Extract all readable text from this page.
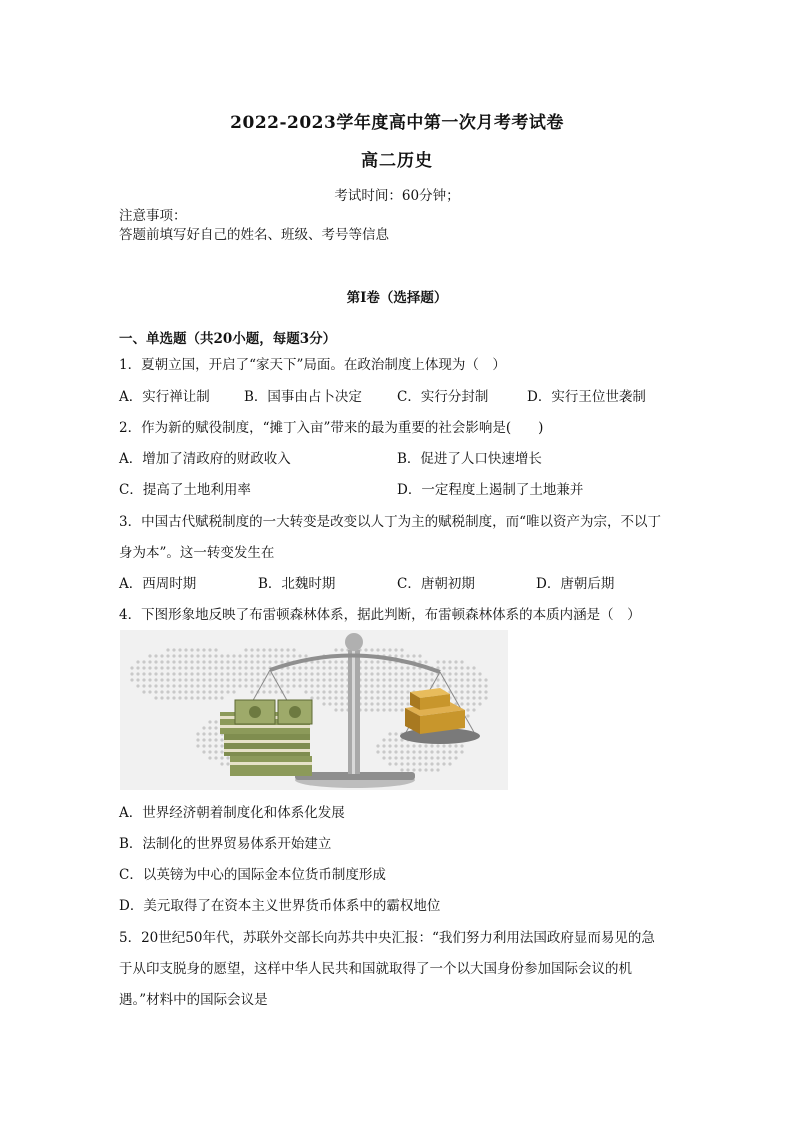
2022-2023学年度高中第一次月考考试卷
高二历史
考试时间：60分钟；
注意事项：
答题前填写好自己的姓名、班级、考号等信息
第I卷（选择题）
一、单选题（共20小题，每题3分）
1．夏朝立国，开启了“家天下”局面。在政治制度上体现为（　）
A．实行禅让制	B．国事由占卜决定	C．实行分封制	D．实行王位世袭制
2．作为新的赋役制度，“摊丁入亩”带来的最为重要的社会影响是(　　)
A．增加了清政府的财政收入	B．促进了人口快速增长
C．提高了土地利用率	D．一定程度上遏制了土地兼并
3．中国古代赋税制度的一大转变是改变以人丁为主的赋税制度，而“唯以资产为宗，不以丁
身为本”。这一转变发生在
A．西周时期	B．北魏时期	C．唐朝初期	D．唐朝后期
4．下图形象地反映了布雷顿森林体系，据此判断，布雷顿森林体系的本质内涵是（　）
A．世界经济朝着制度化和体系化发展
B．法制化的世界贸易体系开始建立
C．以英镑为中心的国际金本位货币制度形成
D．美元取得了在资本主义世界货币体系中的霸权地位
5．20世纪50年代，苏联外交部长向苏共中央汇报：“我们努力利用法国政府显而易见的急
于从印支脱身的愿望，这样中华人民共和国就取得了一个以大国身份参加国际会议的机
遇。”材料中的国际会议是
